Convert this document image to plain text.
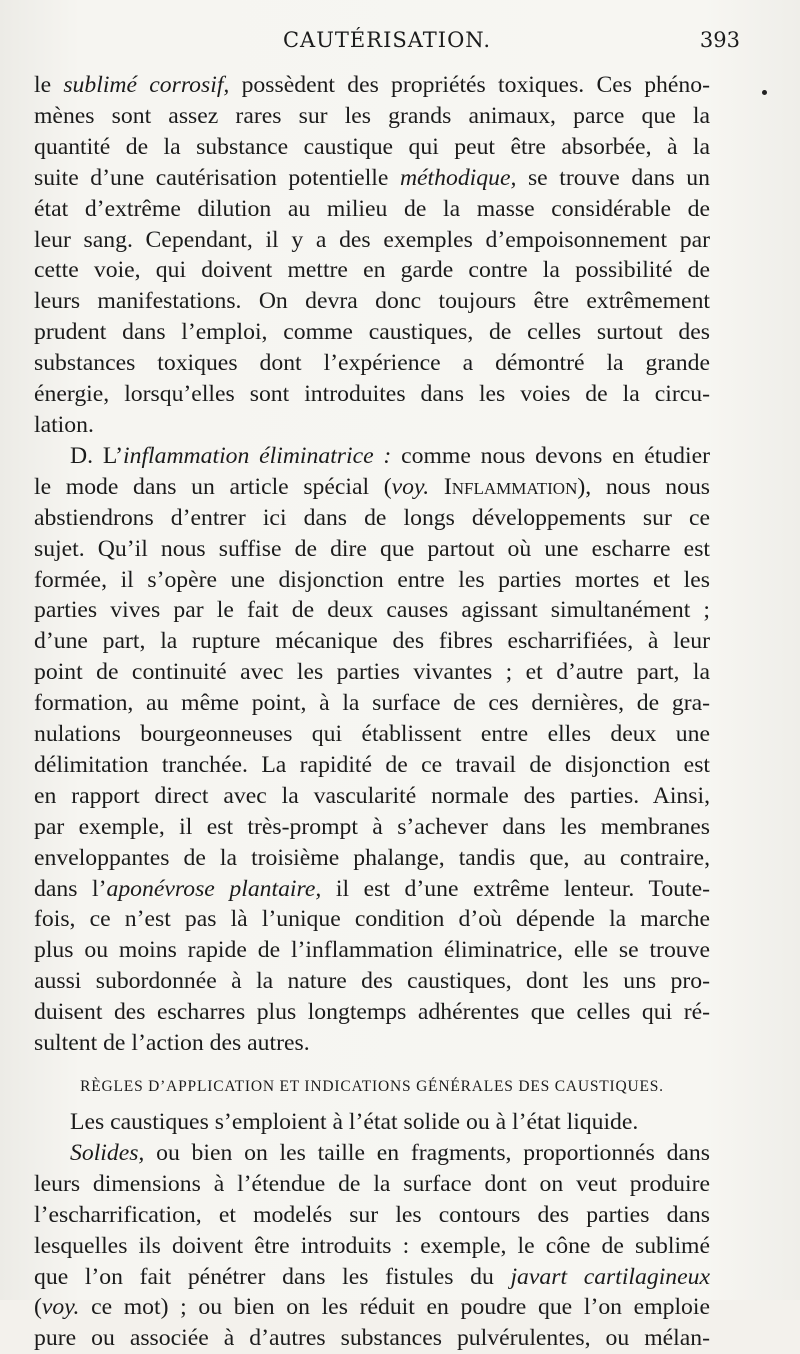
CAUTÉRISATION.	393
le sublimé corrosif, possèdent des propriétés toxiques. Ces phéno-
mènes sont assez rares sur les grands animaux, parce que la
quantité de la substance caustique qui peut être absorbée, à la
suite d’une cautérisation potentielle méthodique, se trouve dans un
état d’extrême dilution au milieu de la masse considérable de
leur sang. Cependant, il y a des exemples d’empoisonnement par
cette voie, qui doivent mettre en garde contre la possibilité de
leurs manifestations. On devra donc toujours être extrêmement
prudent dans l’emploi, comme caustiques, de celles surtout des
substances toxiques dont l’expérience a démontré la grande
énergie, lorsqu’elles sont introduites dans les voies de la circu-
lation.
D. L’inflammation éliminatrice : comme nous devons en étudier
le mode dans un article spécial (voy. Inflammation), nous nous
abstiendrons d’entrer ici dans de longs développements sur ce
sujet. Qu’il nous suffise de dire que partout où une escharre est
formée, il s’opère une disjonction entre les parties mortes et les
parties vives par le fait de deux causes agissant simultanément ;
d’une part, la rupture mécanique des fibres escharrifiées, à leur
point de continuité avec les parties vivantes ; et d’autre part, la
formation, au même point, à la surface de ces dernières, de gra-
nulations bourgeonneuses qui établissent entre elles deux une
délimitation tranchée. La rapidité de ce travail de disjonction est
en rapport direct avec la vascularité normale des parties. Ainsi,
par exemple, il est très-prompt à s’achever dans les membranes
enveloppantes de la troisième phalange, tandis que, au contraire,
dans l’aponévrose plantaire, il est d’une extrême lenteur. Toute-
fois, ce n’est pas là l’unique condition d’où dépende la marche
plus ou moins rapide de l’inflammation éliminatrice, elle se trouve
aussi subordonnée à la nature des caustiques, dont les uns pro-
duisent des escharres plus longtemps adhérentes que celles qui ré-
sultent de l’action des autres.
RÈGLES D’APPLICATION ET INDICATIONS GÉNÉRALES DES CAUSTIQUES.
Les caustiques s’emploient à l’état solide ou à l’état liquide.
Solides, ou bien on les taille en fragments, proportionnés dans
leurs dimensions à l’étendue de la surface dont on veut produire
l’escharrification, et modelés sur les contours des parties dans
lesquelles ils doivent être introduits : exemple, le cône de sublimé
que l’on fait pénétrer dans les fistules du javart cartilagineux
(voy. ce mot) ; ou bien on les réduit en poudre que l’on emploie
pure ou associée à d’autres substances pulvérulentes, ou mélan-
